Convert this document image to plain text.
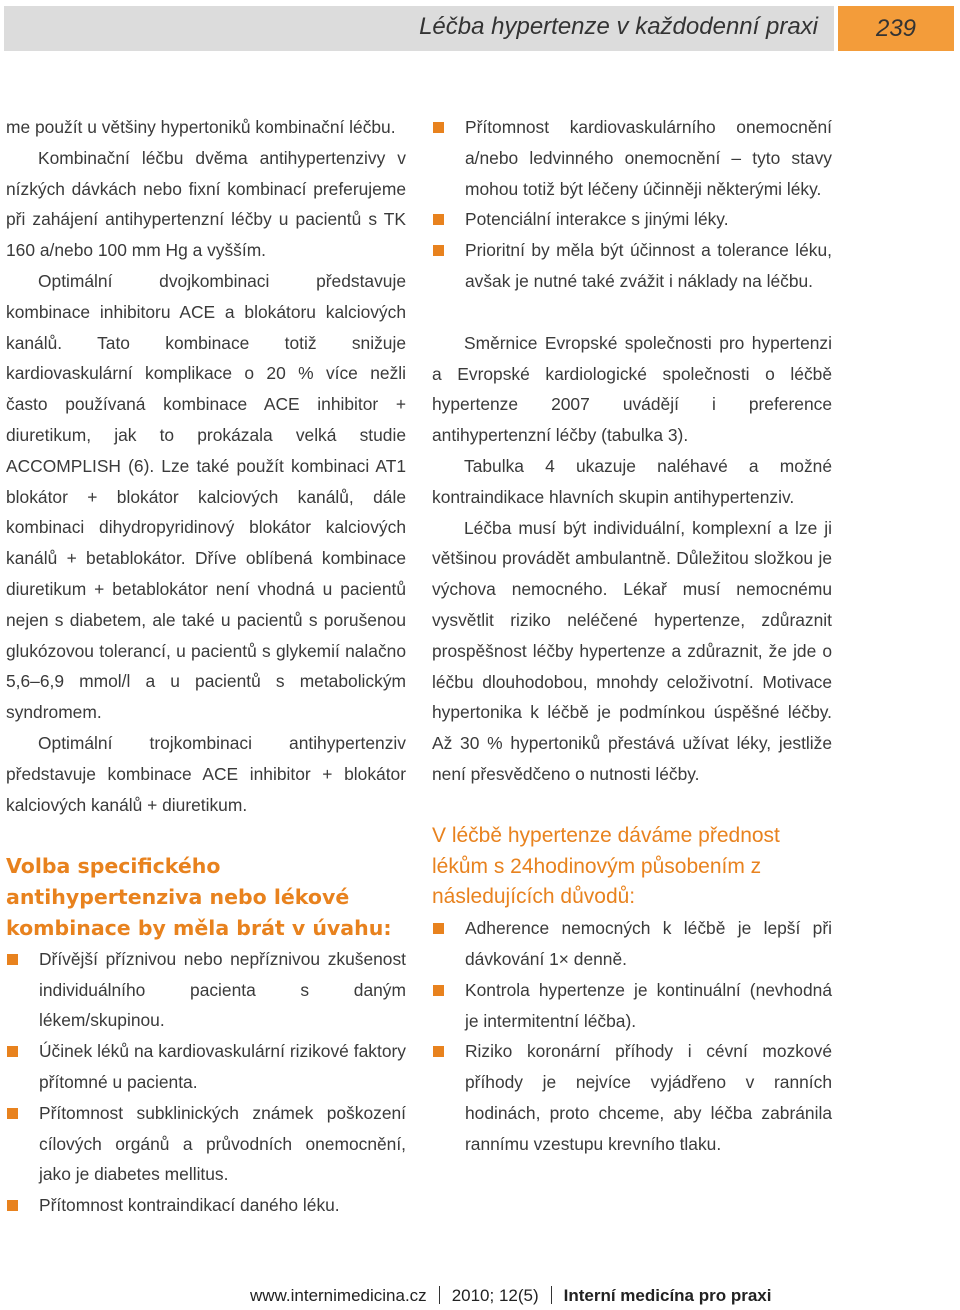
Léčba hypertenze v každodenní praxi	239

me použít u většiny hypertoniků kombinační léčbu.

Kombinační léčbu dvěma antihypertenzivy v nízkých dávkách nebo fixní kombinací preferujeme při zahájení antihypertenzní léčby u pacientů s TK 160 a/nebo 100 mm Hg a vyšším.

Optimální dvojkombinaci představuje kombinace inhibitoru ACE a blokátoru kalciových kanálů. Tato kombinace totiž snižuje kardiovaskulární komplikace o 20 % více nežli často používaná kombinace ACE inhibitor + diuretikum, jak to prokázala velká studie ACCOMPLISH (6). Lze také použít kombinaci AT1 blokátor + blokátor kalciových kanálů, dále kombinaci dihydropyridinový blokátor kalciových kanálů + betablokátor. Dříve oblíbená kombinace diuretikum + betablokátor není vhodná u pacientů nejen s diabetem, ale také u pacientů s porušenou glukózovou tolerancí, u pacientů s glykemií nalačno 5,6–6,9 mmol/l a u pacientů s metabolickým syndromem.

Optimální trojkombinaci antihypertenziv představuje kombinace ACE inhibitor + blokátor kalciových kanálů + diuretikum.

Volba specifického antihypertenziva nebo lékové kombinace by měla brát v úvahu:
Dřívější příznivou nebo nepříznivou zkušenost individuálního pacienta s daným lékem/skupinou.
Účinek léků na kardiovaskulární rizikové faktory přítomné u pacienta.
Přítomnost subklinických známek poškození cílových orgánů a průvodních onemocnění, jako je diabetes mellitus.
Přítomnost kontraindikací daného léku.
Přítomnost kardiovaskulárního onemocnění a/nebo ledvinného onemocnění – tyto stavy mohou totiž být léčeny účinněji některými léky.
Potenciální interakce s jinými léky.
Prioritní by měla být účinnost a tolerance léku, avšak je nutné také zvážit i náklady na léčbu.

Směrnice Evropské společnosti pro hypertenzi a Evropské kardiologické společnosti o léčbě hypertenze 2007 uvádějí i preference antihypertenzní léčby (tabulka 3).

Tabulka 4 ukazuje naléhavé a možné kontraindikace hlavních skupin antihypertenziv.

Léčba musí být individuální, komplexní a lze ji většinou provádět ambulantně. Důležitou složkou je výchova nemocného. Lékař musí nemocnému vysvětlit riziko neléčené hypertenze, zdůraznit prospěšnost léčby hypertenze a zdůraznit, že jde o léčbu dlouhodobou, mnohdy celoživotní. Motivace hypertonika k léčbě je podmínkou úspěšné léčby. Až 30 % hypertoniků přestává užívat léky, jestliže není přesvědčeno o nutnosti léčby.

V léčbě hypertenze dáváme přednost lékům s 24hodinovým působením z následujících důvodů:
Adherence nemocných k léčbě je lepší při dávkování 1× denně.
Kontrola hypertenze je kontinuální (nevhodná je intermitentní léčba).
Riziko koronární příhody i cévní mozkové příhody je nejvíce vyjádřeno v ranních hodinách, proto chceme, aby léčba zabránila rannímu vzestupu krevního tlaku.
www.internimedicina.cz 2010; 12(5) Interní medicína pro praxi
